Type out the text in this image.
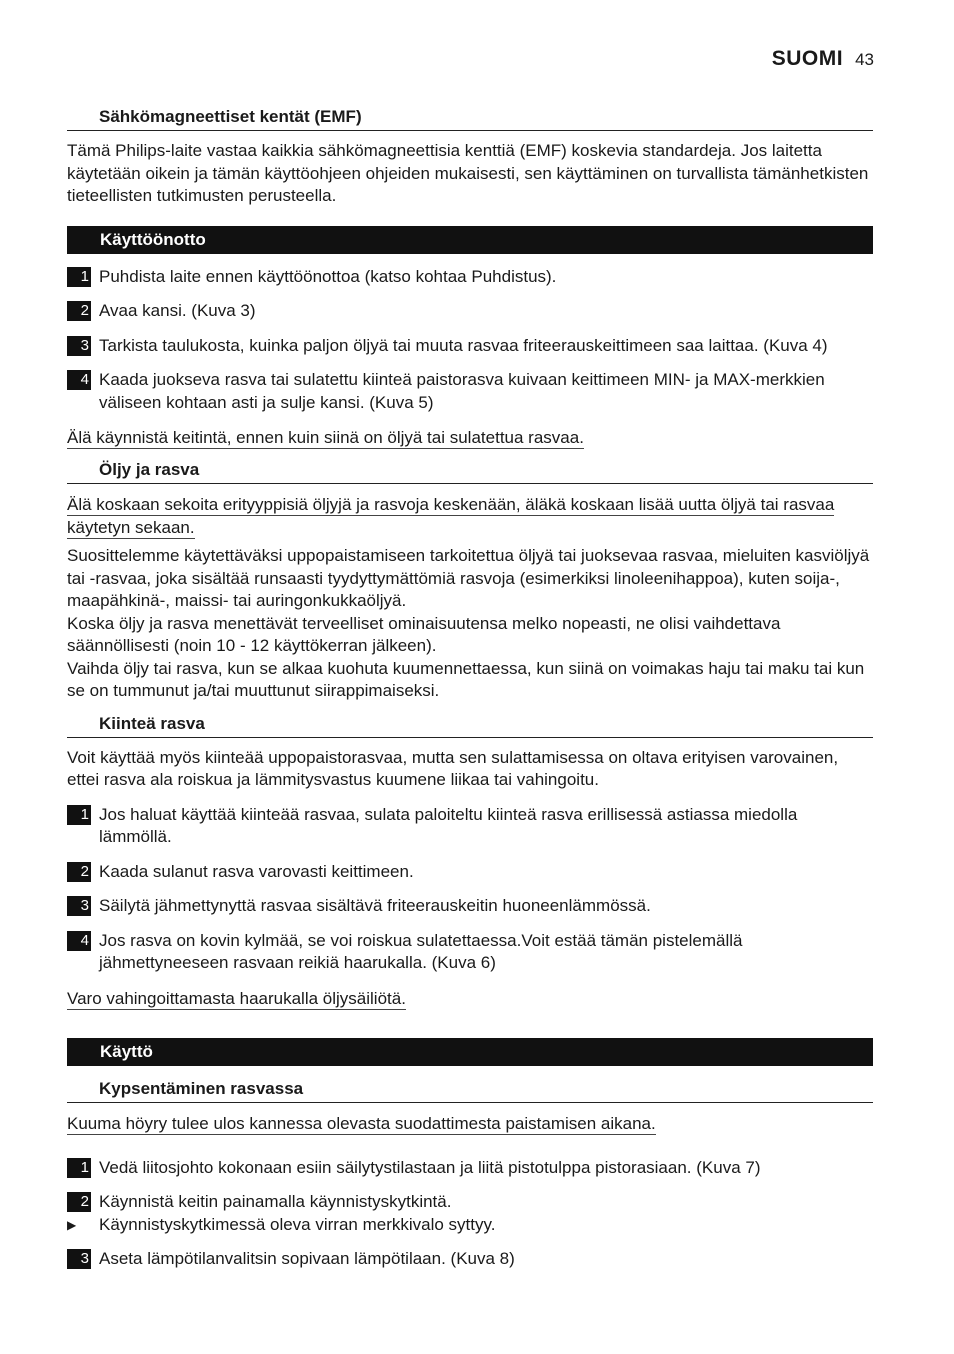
SUOMI 43
Sähkömagneettiset kentät (EMF)

Tämä Philips-laite vastaa kaikkia sähkömagneettisia kenttiä (EMF) koskevia standardeja. Jos laitetta käytetään oikein ja tämän käyttöohjeen ohjeiden mukaisesti, sen käyttäminen on turvallista tämänhetkisten tieteellisten tutkimusten perusteella.

Käyttöönotto
1 Puhdista laite ennen käyttöönottoa (katso kohtaa Puhdistus).
2 Avaa kansi. (Kuva 3)
3 Tarkista taulukosta, kuinka paljon öljyä tai muuta rasvaa friteerauskeittimeen saa laittaa. (Kuva 4)
4 Kaada juokseva rasva tai sulatettu kiinteä paistorasva kuivaan keittimeen MIN- ja MAX-merkkien väliseen kohtaan asti ja sulje kansi. (Kuva 5)
Älä käynnistä keitintä, ennen kuin siinä on öljyä tai sulatettua rasvaa.
Öljy ja rasva
Älä koskaan sekoita erityyppisiä öljyjä ja rasvoja keskenään, äläkä koskaan lisää uutta öljyä tai rasvaa käytetyn sekaan.

Suosittelemme käytettäväksi uppopaistamiseen tarkoitettua öljyä tai juoksevaa rasvaa, mieluiten kasviöljyä tai -rasvaa, joka sisältää runsaasti tyydyttymättömiä rasvoja (esimerkiksi linoleenihappoa), kuten soija-, maapähkinä-, maissi- tai auringonkukkaöljyä.

Koska öljy ja rasva menettävät terveelliset ominaisuutensa melko nopeasti, ne olisi vaihdettava säännöllisesti (noin 10 - 12 käyttökerran jälkeen).

Vaihda öljy tai rasva, kun se alkaa kuohuta kuumennettaessa, kun siinä on voimakas haju tai maku tai kun se on tummunut ja/tai muuttunut siirappimaiseksi.

Kiinteä rasva

Voit käyttää myös kiinteää uppopaistorasvaa, mutta sen sulattamisessa on oltava erityisen varovainen, ettei rasva ala roiskua ja lämmitysvastus kuumene liikaa tai vahingoitu.

1 Jos haluat käyttää kiinteää rasvaa, sulata paloiteltu kiinteä rasva erillisessä astiassa miedolla lämmöllä.
2 Kaada sulanut rasva varovasti keittimeen.
3 Säilytä jähmettynyttä rasvaa sisältävä friteerauskeitin huoneenlämmössä.
4 Jos rasva on kovin kylmää, se voi roiskua sulatettaessa.Voit estää tämän pistelemällä jähmettyneeseen rasvaan reikiä haarukalla. (Kuva 6)
Varo vahingoittamasta haarukalla öljysäiliötä.
Käyttö
Kypsentäminen rasvassa
Kuuma höyry tulee ulos kannessa olevasta suodattimesta paistamisen aikana.
1 Vedä liitosjohto kokonaan esiin säilytystilastaan ja liitä pistotulppa pistorasiaan. (Kuva 7)
2 Käynnistä keitin painamalla käynnistyskytkintä.
▶	Käynnistyskytkimessä oleva virran merkkivalo syttyy.
3 Aseta lämpötilanvalitsin sopivaan lämpötilaan. (Kuva 8)
